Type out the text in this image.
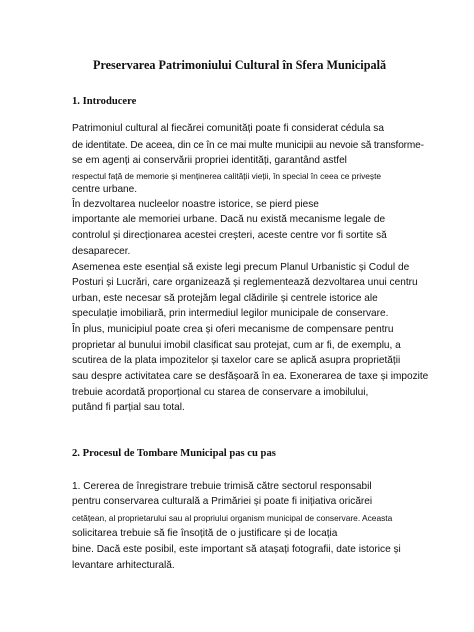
Preservarea Patrimoniului Cultural în Sfera Municipală
1. Introducere
Patrimoniul cultural al fiecărei comunități poate fi considerat cédula sa
de identitate. De aceea, din ce în ce mai multe municipii au nevoie să transforme-
se em agenți ai conservării propriei identități, garantând astfel
respectul față de memorie și menținerea calității vieții, în special în ceea ce privește
centre urbane.
În dezvoltarea nucleelor noastre istorice, se pierd piese
importante ale memoriei urbane. Dacă nu există mecanisme legale de
controlul și direcționarea acestei creșteri, aceste centre vor fi sortite să
desaparecer.
Asemenea este esențial să existe legi precum Planul Urbanistic și Codul de
Posturi și Lucrări, care organizează și reglementează dezvoltarea unui centru
urban, este necesar să protejăm legal clădirile și centrele istorice ale
speculație imobiliară, prin intermediul legilor municipale de conservare.
În plus, municipiul poate crea și oferi mecanisme de compensare pentru
proprietar al bunului imobil clasificat sau protejat, cum ar fi, de exemplu, a
scutirea de la plata impozitelor și taxelor care se aplică asupra proprietății
sau despre activitatea care se desfășoară în ea. Exonerarea de taxe și impozite
trebuie acordată proporțional cu starea de conservare a imobilului,
putând fi parțial sau total.
2. Procesul de Tombare Municipal pas cu pas
1. Cererea de înregistrare trebuie trimisă către sectorul responsabil
pentru conservarea culturală a Primăriei și poate fi inițiativa oricărei
cetățean, al proprietarului sau al propriului organism municipal de conservare. Aceasta
solicitarea trebuie să fie însoțită de o justificare și de locația
bine. Dacă este posibil, este important să atașați fotografii, date istorice și
levantare arhitecturală.
